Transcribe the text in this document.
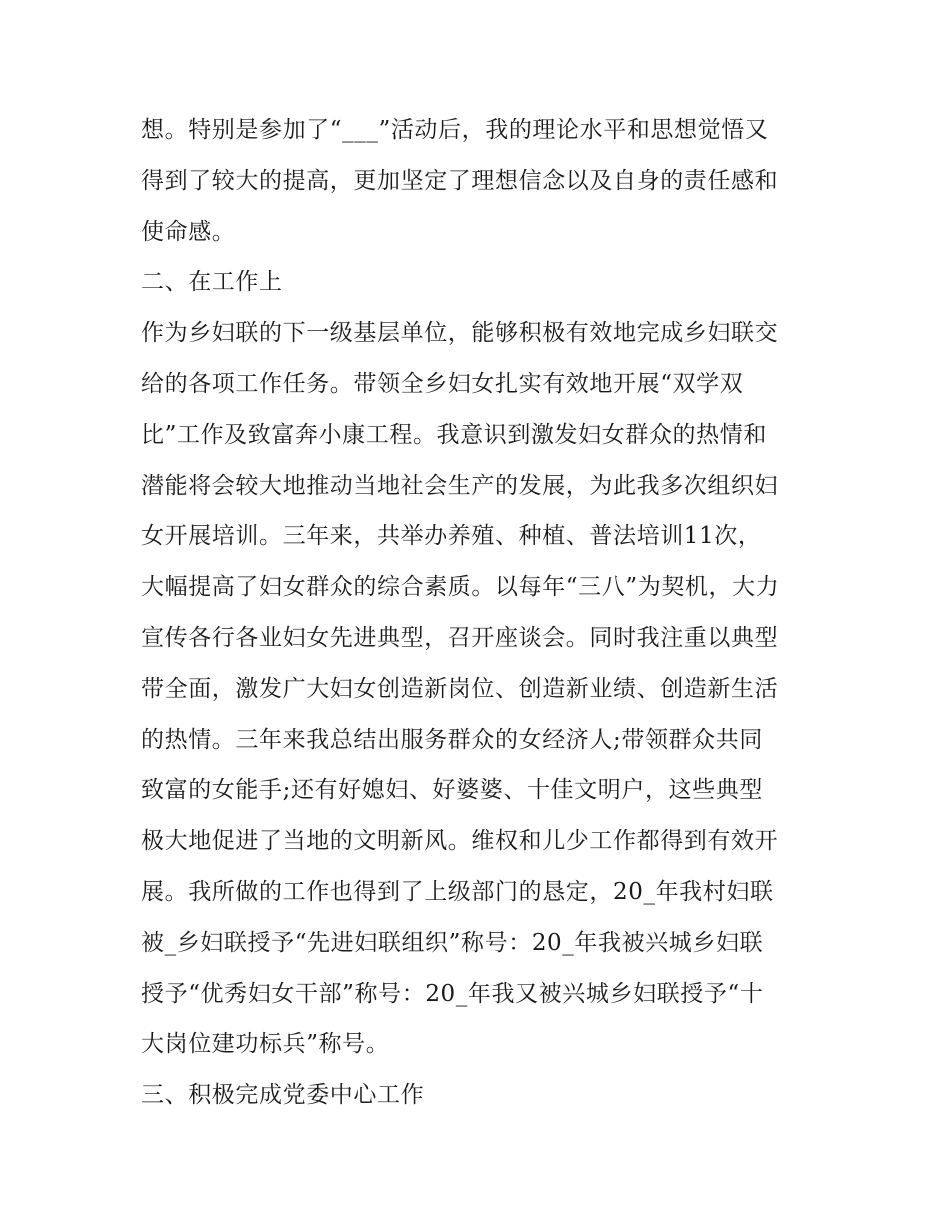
想。特别是参加了“___”活动后，我的理论水平和思想觉悟又
得到了较大的提高，更加坚定了理想信念以及自身的责任感和
使命感。
二、在工作上
作为乡妇联的下一级基层单位，能够积极有效地完成乡妇联交
给的各项工作任务。带领全乡妇女扎实有效地开展“双学双
比”工作及致富奔小康工程。我意识到激发妇女群众的热情和
潜能将会较大地推动当地社会生产的发展，为此我多次组织妇
女开展培训。三年来，共举办养殖、种植、普法培训11次，
大幅提高了妇女群众的综合素质。以每年“三八”为契机，大力
宣传各行各业妇女先进典型，召开座谈会。同时我注重以典型
带全面，激发广大妇女创造新岗位、创造新业绩、创造新生活
的热情。三年来我总结出服务群众的女经济人;带领群众共同
致富的女能手;还有好媳妇、好婆婆、十佳文明户，这些典型
极大地促进了当地的文明新风。维权和儿少工作都得到有效开
展。我所做的工作也得到了上级部门的恳定，20_年我村妇联
被_乡妇联授予“先进妇联组织”称号：20_年我被兴城乡妇联
授予“优秀妇女干部”称号：20_年我又被兴城乡妇联授予“十
大岗位建功标兵”称号。
三、积极完成党委中心工作
